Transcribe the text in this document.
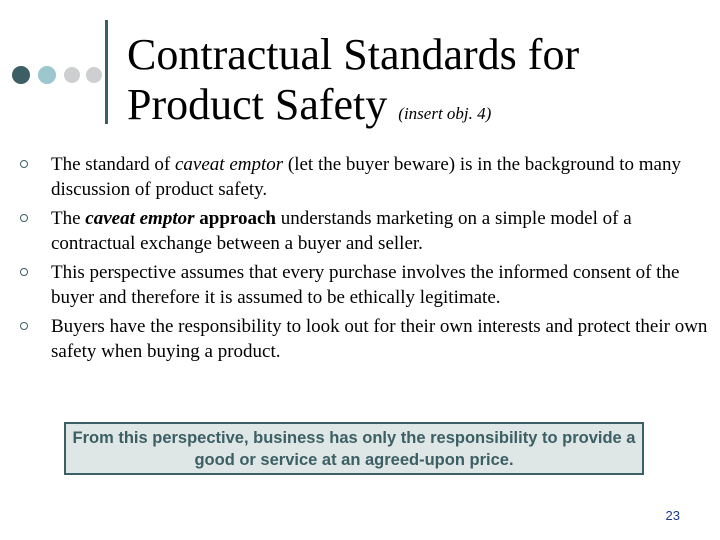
Contractual Standards for Product Safety (insert obj. 4)
The standard of caveat emptor (let the buyer beware) is in the background to many discussion of product safety.
The caveat emptor approach understands marketing on a simple model of a contractual exchange between a buyer and seller.
This perspective assumes that every purchase involves the informed consent of the buyer and therefore it is assumed to be ethically legitimate.
Buyers have the responsibility to look out for their own interests and protect their own safety when buying a product.
From this perspective, business has only the responsibility to provide a good or service at an agreed-upon price.
23
